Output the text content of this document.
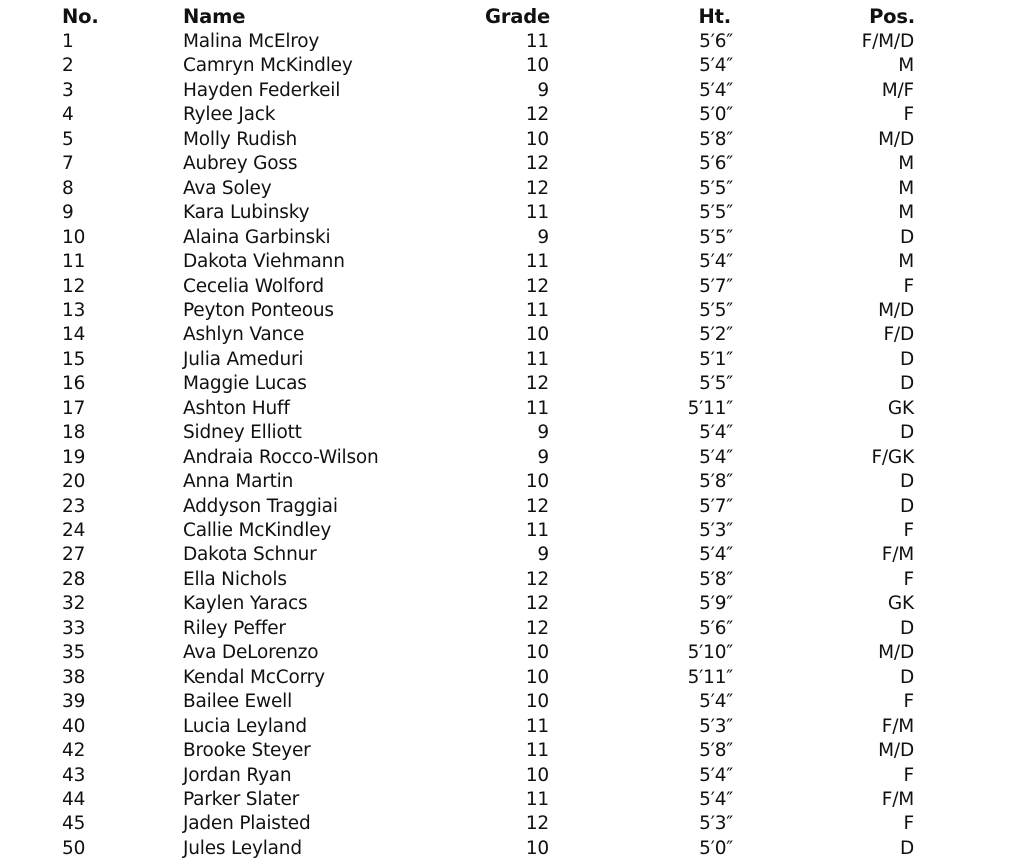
No.	Name	Grade	Ht.	Pos.
1	Malina McElroy	11	5′6″	F/M/D
2	Camryn McKindley	10	5′4″	M
3	Hayden Federkeil	9	5′4″	M/F
4	Rylee Jack	12	5′0″	F
5	Molly Rudish	10	5′8″	M/D
7	Aubrey Goss	12	5′6″	M
8	Ava Soley	12	5′5″	M
9	Kara Lubinsky	11	5′5″	M
10	Alaina Garbinski	9	5′5″	D
11	Dakota Viehmann	11	5′4″	M
12	Cecelia Wolford	12	5′7″	F
13	Peyton Ponteous	11	5′5″	M/D
14	Ashlyn Vance	10	5′2″	F/D
15	Julia Ameduri	11	5′1″	D
16	Maggie Lucas	12	5′5″	D
17	Ashton Huff	11	5′11″	GK
18	Sidney Elliott	9	5′4″	D
19	Andraia Rocco-Wilson	9	5′4″	F/GK
20	Anna Martin	10	5′8″	D
23	Addyson Traggiai	12	5′7″	D
24	Callie McKindley	11	5′3″	F
27	Dakota Schnur	9	5′4″	F/M
28	Ella Nichols	12	5′8″	F
32	Kaylen Yaracs	12	5′9″	GK
33	Riley Peffer	12	5′6″	D
35	Ava DeLorenzo	10	5′10″	M/D
38	Kendal McCorry	10	5′11″	D
39	Bailee Ewell	10	5′4″	F
40	Lucia Leyland	11	5′3″	F/M
42	Brooke Steyer	11	5′8″	M/D
43	Jordan Ryan	10	5′4″	F
44	Parker Slater	11	5′4″	F/M
45	Jaden Plaisted	12	5′3″	F
50	Jules Leyland	10	5′0″	D
